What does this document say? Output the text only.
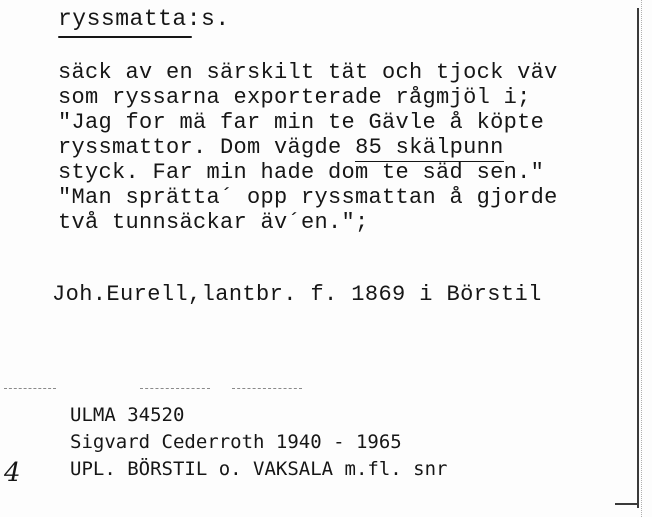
ryssmatta:s.
säck av en särskilt tät och tjock väv
som ryssarna exporterade rågmjöl i;
"Jag for mä far min te Gävle å köpte
ryssmattor. Dom vägde 85 skälpunn
styck. Far min hade dom te säd sen."
"Man sprätta´ opp ryssmattan å gjorde
två tunnsäckar äv´en.";
Joh.Eurell,lantbr. f. 1869 i Börstil
ULMA 34520
Sigvard Cederroth 1940 - 1965
UPL. BÖRSTIL o. VAKSALA m.fl. snr
4
